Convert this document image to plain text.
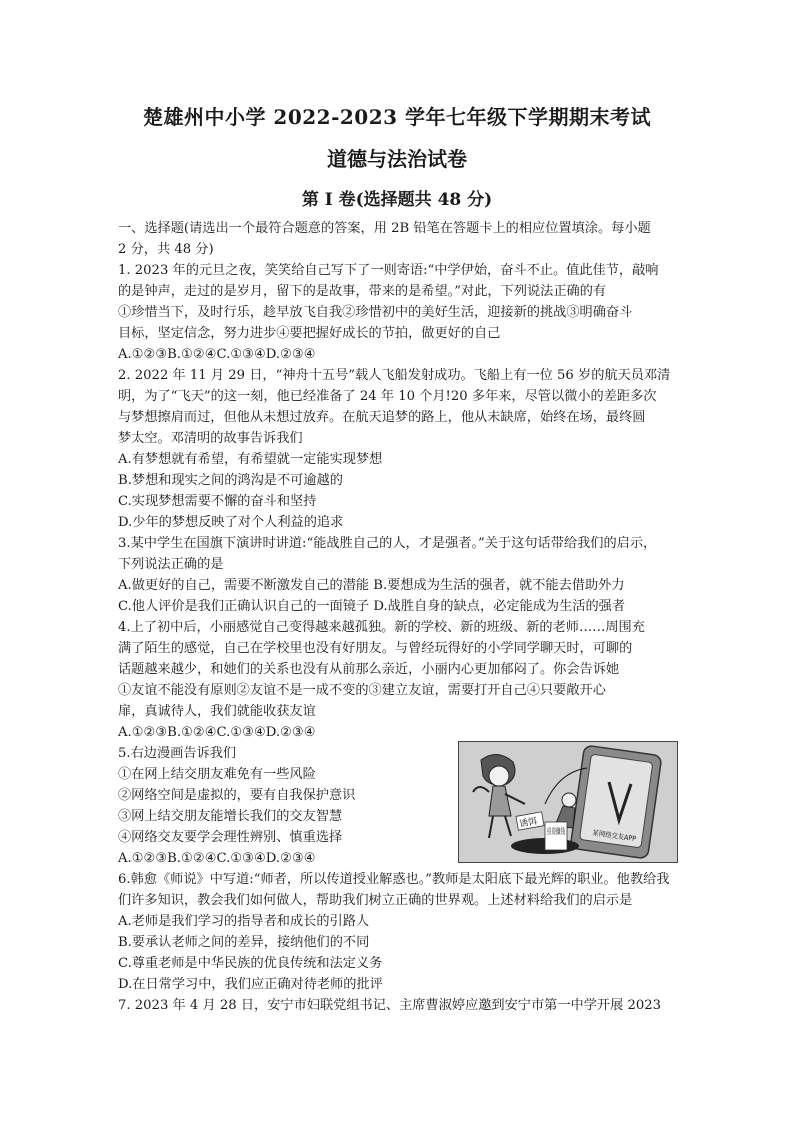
楚雄州中小学 2022-2023 学年七年级下学期期末考试
道德与法治试卷
第 I 卷(选择题共 48 分)
一、选择题(请选出一个最符合题意的答案，用 2B 铅笔在答题卡上的相应位置填涂。每小题
2 分，共 48 分)
1. 2023 年的元旦之夜，笑笑给自己写下了一则寄语:“中学伊始，奋斗不止。值此佳节，敲响
的是钟声，走过的是岁月，留下的是故事，带来的是希望。”对此，下列说法正确的有
①珍惜当下，及时行乐，趁早放飞自我②珍惜初中的美好生活，迎接新的挑战③明确奋斗
目标，坚定信念，努力进步④要把握好成长的节拍，做更好的自己
A.①②③B.①②④C.①③④D.②③④
2. 2022 年 11 月 29 日，“神舟十五号”载人飞船发射成功。飞船上有一位 56 岁的航天员邓清
明，为了“飞天”的这一刻，他已经准备了 24 年 10 个月!20 多年来，尽管以微小的差距多次
与梦想擦肩而过，但他从未想过放弃。在航天追梦的路上，他从未缺席，始终在场，最终圆
梦太空。邓清明的故事告诉我们
A.有梦想就有希望，有希望就一定能实现梦想
B.梦想和现实之间的鸿沟是不可逾越的
C.实现梦想需要不懈的奋斗和坚持
D.少年的梦想反映了对个人利益的追求
3.某中学生在国旗下演讲时讲道:“能战胜自己的人，才是强者。”关于这句话带给我们的启示，
下列说法正确的是
A.做更好的自己，需要不断激发自己的潜能 B.要想成为生活的强者，就不能去借助外力
C.他人评价是我们正确认识自己的一面镜子 D.战胜自身的缺点，必定能成为生活的强者
4.上了初中后，小丽感觉自己变得越来越孤独。新的学校、新的班级、新的老师……周围充
满了陌生的感觉，自己在学校里也没有好朋友。与曾经玩得好的小学同学聊天时，可聊的
话题越来越少，和她们的关系也没有从前那么亲近，小丽内心更加郁闷了。你会告诉她
①友谊不能没有原则②友谊不是一成不变的③建立友谊，需要打开自己④只要敞开心
扉，真诚待人，我们就能收获友谊
A.①②③B.①②④C.①③④D.②③④
5.右边漫画告诉我们
①在网上结交朋友难免有一些风险
②网络空间是虚拟的，要有自我保护意识
③网上结交朋友能增长我们的交友智慧
④网络交友要学会理性辨别、慎重选择
A.①②③B.①②④C.①③④D.②③④
6.韩愈《师说》中写道:“师者，所以传道授业解惑也。”教师是太阳底下最光辉的职业。他教给我
们许多知识，教会我们如何做人，帮助我们树立正确的世界观。上述材料给我们的启示是
A.老师是我们学习的指导者和成长的引路人
B.要承认老师之间的差异，接纳他们的不同
C.尊重老师是中华民族的优良传统和法定义务
D.在日常学习中，我们应正确对待老师的批评
7. 2023 年 4 月 28 日，安宁市妇联党组书记、主席曹淑婷应邀到安宁市第一中学开展 2023
诱饵
投资赚钱 某网络交友APP
